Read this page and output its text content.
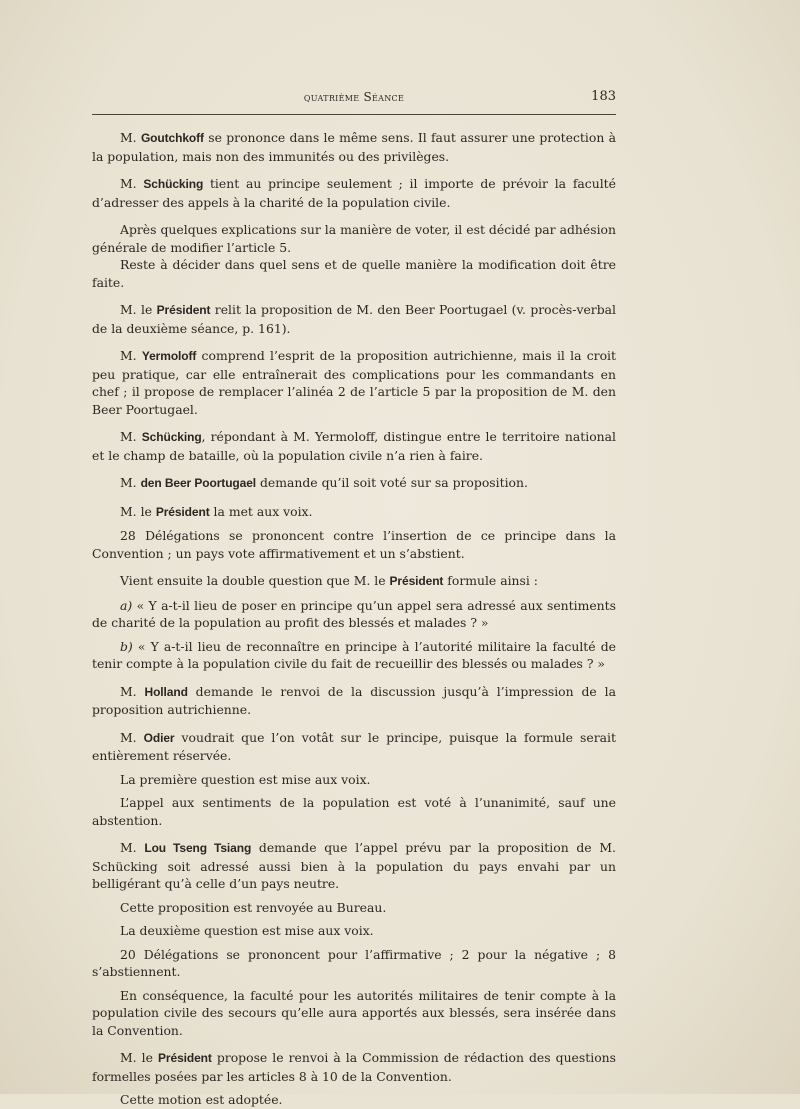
quatrième Séance	183

M. Goutchkoff se prononce dans le même sens. Il faut assurer une protection à la population, mais non des immunités ou des privilèges.

M. Schücking tient au principe seulement ; il importe de prévoir la faculté d’adresser des appels à la charité de la population civile.

Après quelques explications sur la manière de voter, il est décidé par adhésion générale de modifier l’article 5.

Reste à décider dans quel sens et de quelle manière la modification doit être faite.

M. le Président relit la proposition de M. den Beer Poortugael (v. procès-verbal de la deuxième séance, p. 161).

M. Yermoloff comprend l’esprit de la proposition autrichienne, mais il la croit peu pratique, car elle entraînerait des complications pour les commandants en chef ; il propose de remplacer l’alinéa 2 de l’article 5 par la proposition de M. den Beer Poortugael.

M. Schücking, répondant à M. Yermoloff, distingue entre le territoire national et le champ de bataille, où la population civile n’a rien à faire.

M. den Beer Poortugael demande qu’il soit voté sur sa proposition.

M. le Président la met aux voix.

28 Délégations se prononcent contre l’insertion de ce principe dans la Convention ; un pays vote affirmativement et un s’abstient.

Vient ensuite la double question que M. le Président formule ainsi :

a) « Y a-t-il lieu de poser en principe qu’un appel sera adressé aux sentiments de charité de la population au profit des blessés et malades ? »

b) « Y a-t-il lieu de reconnaître en principe à l’autorité militaire la faculté de tenir compte à la population civile du fait de recueillir des blessés ou malades ? »

M. Holland demande le renvoi de la discussion jusqu’à l’impression de la proposition autrichienne.

M. Odier voudrait que l’on votât sur le principe, puisque la formule serait entièrement réservée.

La première question est mise aux voix.

L’appel aux sentiments de la population est voté à l’unanimité, sauf une abstention.

M. Lou Tseng Tsiang demande que l’appel prévu par la proposition de M. Schücking soit adressé aussi bien à la population du pays envahi par un belligérant qu’à celle d’un pays neutre.

Cette proposition est renvoyée au Bureau.

La deuxième question est mise aux voix.

20 Délégations se prononcent pour l’affirmative ; 2 pour la négative ; 8 s’abstiennent.

En conséquence, la faculté pour les autorités militaires de tenir compte à la population civile des secours qu’elle aura apportés aux blessés, sera insérée dans la Convention.

M. le Président propose le renvoi à la Commission de rédaction des questions formelles posées par les articles 8 à 10 de la Convention.

Cette motion est adoptée.
